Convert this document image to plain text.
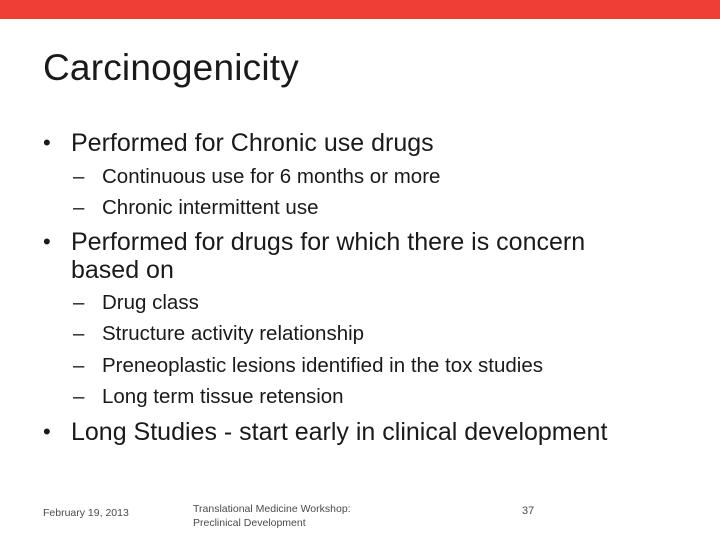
Carcinogenicity
• Performed for Chronic use drugs
– Continuous use for 6 months or more
– Chronic intermittent use
• Performed for drugs for which there is concern
based on
– Drug class
– Structure activity relationship
– Preneoplastic lesions identified in the tox studies
– Long term tissue retension
• Long Studies - start early in clinical development
February 19, 2013	Translational Medicine Workshop:
Preclinical Development
37
